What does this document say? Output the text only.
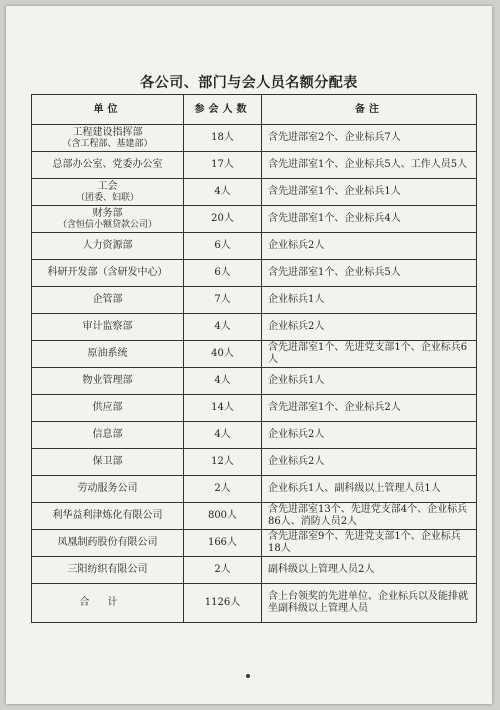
各公司、部门与会人员名额分配表
单位	参会人数	备注
工程建设指挥部
（含工程部、基建部）	18人	含先进部室2个、企业标兵7人
总部办公室、党委办公室	17人	含先进部室1个、企业标兵5人、工作人员5人
工会
（团委、妇联）	4人	含先进部室1个、企业标兵1人
财务部
（含恒信小额贷款公司）	20人	含先进部室1个、企业标兵4人
人力资源部	6人	企业标兵2人
科研开发部（含研发中心）	6人	含先进部室1个、企业标兵5人
企管部	7人	企业标兵1人
审计监察部	4人	企业标兵2人
原油系统	40人	含先进部室1个、先进党支部1个、企业标兵6人
物业管理部	4人	企业标兵1人
供应部	14人	含先进部室1个、企业标兵2人
信息部	4人	企业标兵2人
保卫部	12人	企业标兵2人
劳动服务公司	2人	企业标兵1人、副科级以上管理人员1人
利华益利津炼化有限公司	800人	含先进部室13个、先进党支部4个、企业标兵86人、消防人员2人
凤凰制药股份有限公司	166人	含先进部室9个、先进党支部1个、企业标兵18人
三阳纺织有限公司	2人	副科级以上管理人员2人
合计	1126人	含上台领奖的先进单位、企业标兵以及能排就坐副科级以上管理人员
